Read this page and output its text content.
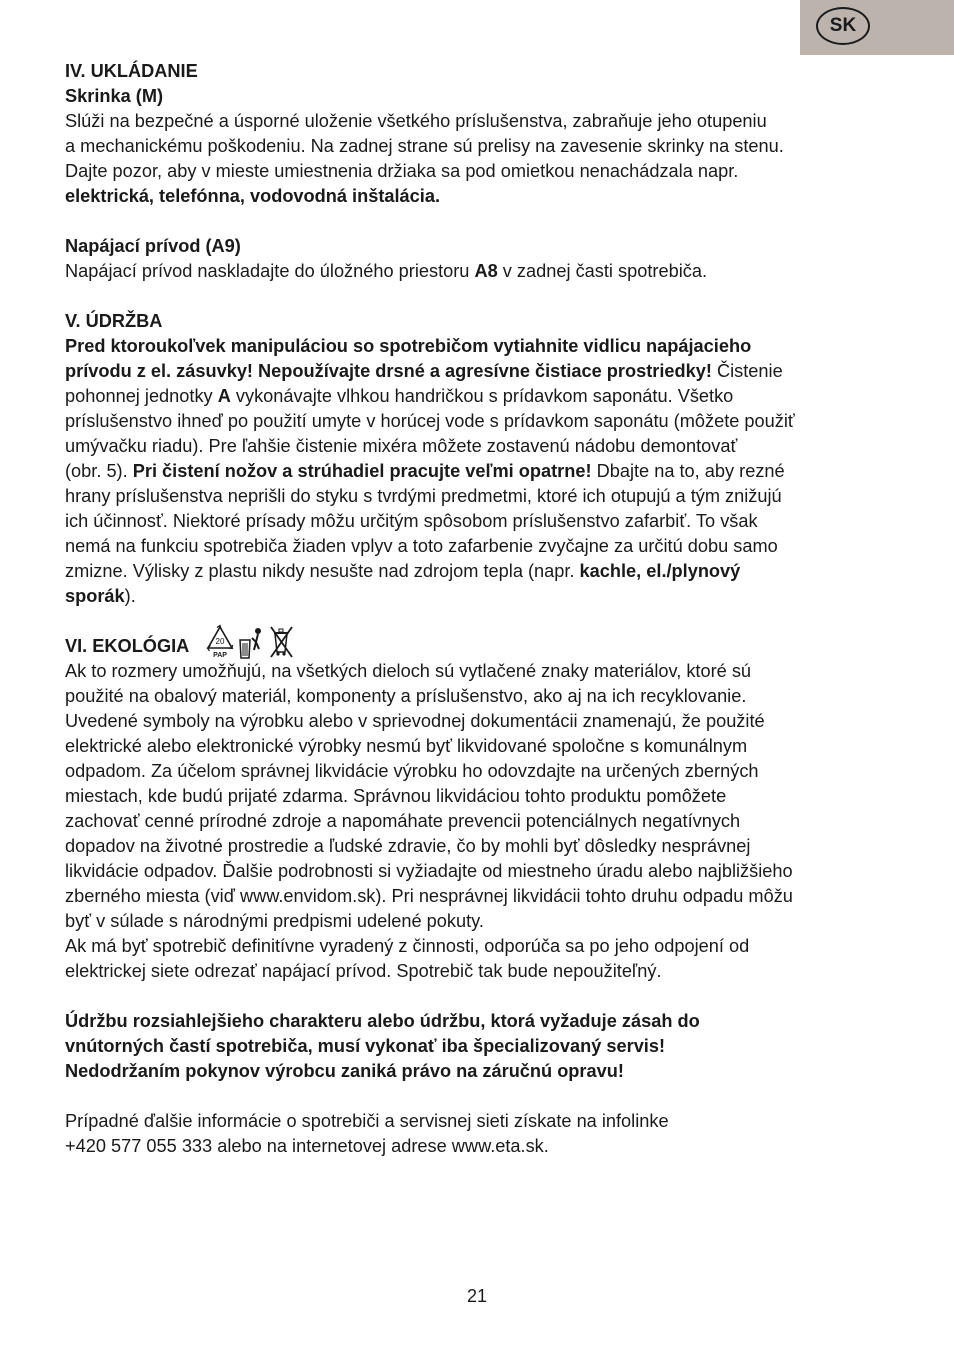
SK

IV. UKLÁDANIE

Skrinka (M)

Slúži na bezpečné a úsporné uloženie všetkého príslušenstva, zabraňuje jeho otupeniu

a mechanickému poškodeniu. Na zadnej strane sú prelisy na zavesenie skrinky na stenu.

Dajte pozor, aby v mieste umiestnenia držiaka sa pod omietkou nenachádzala napr.

elektrická, telefónna, vodovodná inštalácia.

Napájací prívod (A9)

Napájací prívod naskladajte do úložného priestoru A8 v zadnej časti spotrebiča.

V. ÚDRŽBA

Pred ktoroukoľvek manipuláciou so spotrebičom vytiahnite vidlicu napájacieho

prívodu z el. zásuvky! Nepoužívajte drsné a agresívne čistiace prostriedky! Čistenie

pohonnej jednotky A vykonávajte vlhkou handričkou s prídavkom saponátu. Všetko

príslušenstvo ihneď po použití umyte v horúcej vode s prídavkom saponátu (môžete použiť

umývačku riadu). Pre ľahšie čistenie mixéra môžete zostavenú nádobu demontovať

(obr. 5). Pri čistení nožov a strúhadiel pracujte veľmi opatrne! Dbajte na to, aby rezné

hrany príslušenstva neprišli do styku s tvrdými predmetmi, ktoré ich otupujú a tým znižujú

ich účinnosť. Niektoré prísady môžu určitým spôsobom príslušenstvo zafarbiť. To však

nemá na funkciu spotrebiča žiaden vplyv a toto zafarbenie zvyčajne za určitú dobu samo

zmizne. Výlisky z plastu nikdy nesušte nad zdrojom tepla (napr. kachle, el./plynový

sporák).

VI. EKOLÓGIA	20
PAP

Ak to rozmery umožňujú, na všetkých dieloch sú vytlačené znaky materiálov, ktoré sú

použité na obalový materiál, komponenty a príslušenstvo, ako aj na ich recyklovanie.

Uvedené symboly na výrobku alebo v sprievodnej dokumentácii znamenajú, že použité

elektrické alebo elektronické výrobky nesmú byť likvidované spoločne s komunálnym

odpadom. Za účelom správnej likvidácie výrobku ho odovzdajte na určených zberných

miestach, kde budú prijaté zdarma. Správnou likvidáciou tohto produktu pomôžete

zachovať cenné prírodné zdroje a napomáhate prevencii potenciálnych negatívnych

dopadov na životné prostredie a ľudské zdravie, čo by mohli byť dôsledky nesprávnej

likvidácie odpadov. Ďalšie podrobnosti si vyžiadajte od miestneho úradu alebo najbližšieho

zberného miesta (viď www.envidom.sk). Pri nesprávnej likvidácii tohto druhu odpadu môžu

byť v súlade s národnými predpismi udelené pokuty.

Ak má byť spotrebič definitívne vyradený z činnosti, odporúča sa po jeho odpojení od

elektrickej siete odrezať napájací prívod. Spotrebič tak bude nepoužiteľný.

Údržbu rozsiahlejšieho charakteru alebo údržbu, ktorá vyžaduje zásah do

vnútorných častí spotrebiča, musí vykonať iba špecializovaný servis!

Nedodržaním pokynov výrobcu zaniká právo na záručnú opravu!

Prípadné ďalšie informácie o spotrebiči a servisnej sieti získate na infolinke

+420 577 055 333 alebo na internetovej adrese www.eta.sk.

21
